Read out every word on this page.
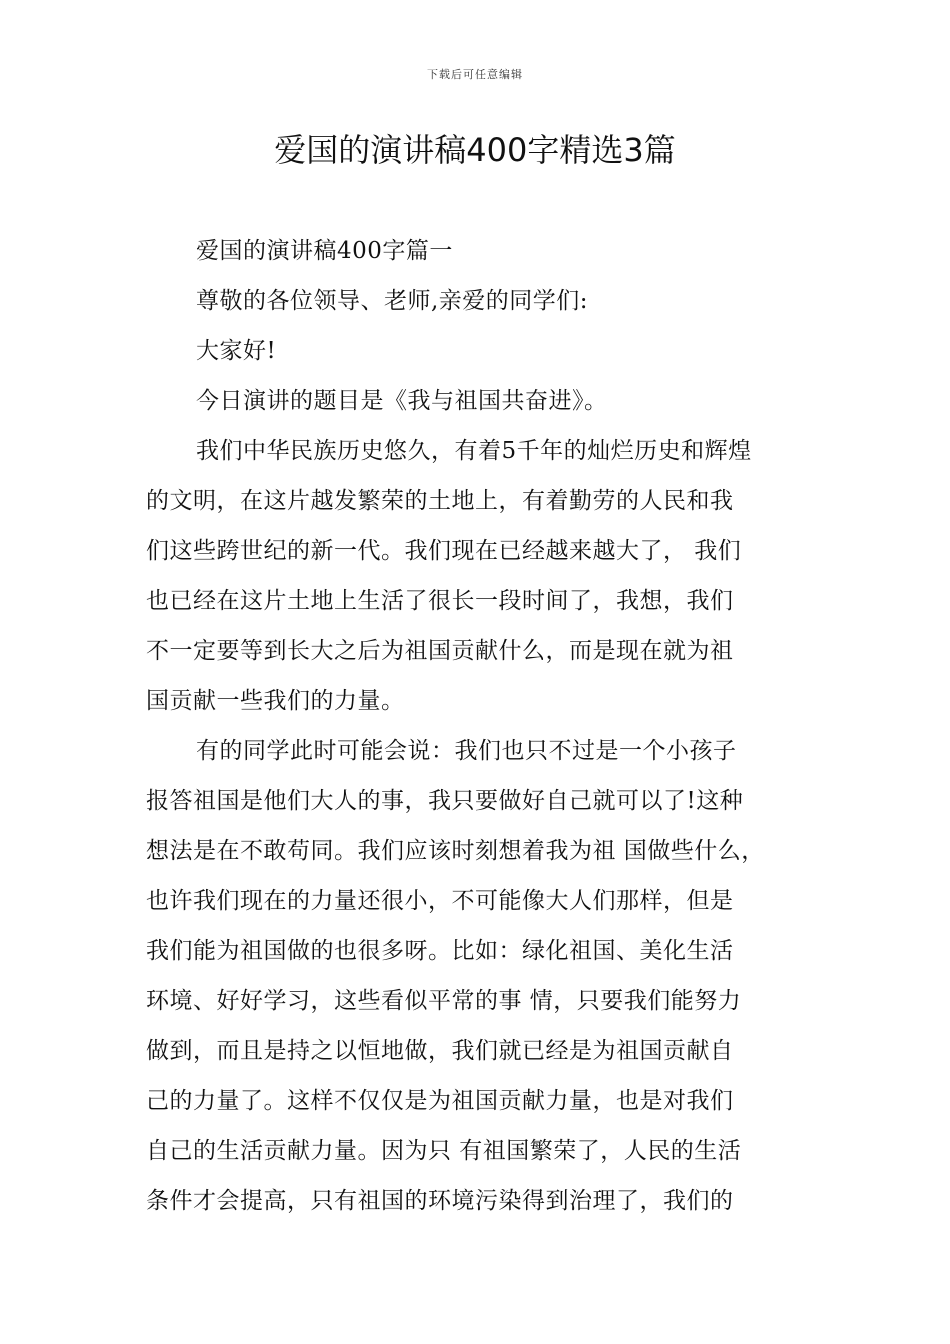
下载后可任意编辑
爱国的演讲稿400字精选3篇
爱国的演讲稿400字篇一
尊敬的各位领导、老师,亲爱的同学们:
大家好!
今日演讲的题目是《我与祖国共奋进》。
我们中华民族历史悠久，有着5千年的灿烂历史和辉煌
的文明，在这片越发繁荣的土地上，有着勤劳的人民和我
们这些跨世纪的新一代。我们现在已经越来越大了， 我们
也已经在这片土地上生活了很长一段时间了，我想，我们
不一定要等到长大之后为祖国贡献什么，而是现在就为祖
国贡献一些我们的力量。
有的同学此时可能会说：我们也只不过是一个小孩子
报答祖国是他们大人的事，我只要做好自己就可以了!这种
想法是在不敢苟同。我们应该时刻想着我为祖 国做些什么，
也许我们现在的力量还很小，不可能像大人们那样，但是
我们能为祖国做的也很多呀。比如：绿化祖国、美化生活
环境、好好学习，这些看似平常的事 情，只要我们能努力
做到，而且是持之以恒地做，我们就已经是为祖国贡献自
己的力量了。这样不仅仅是为祖国贡献力量，也是对我们
自己的生活贡献力量。因为只 有祖国繁荣了，人民的生活
条件才会提高，只有祖国的环境污染得到治理了，我们的
